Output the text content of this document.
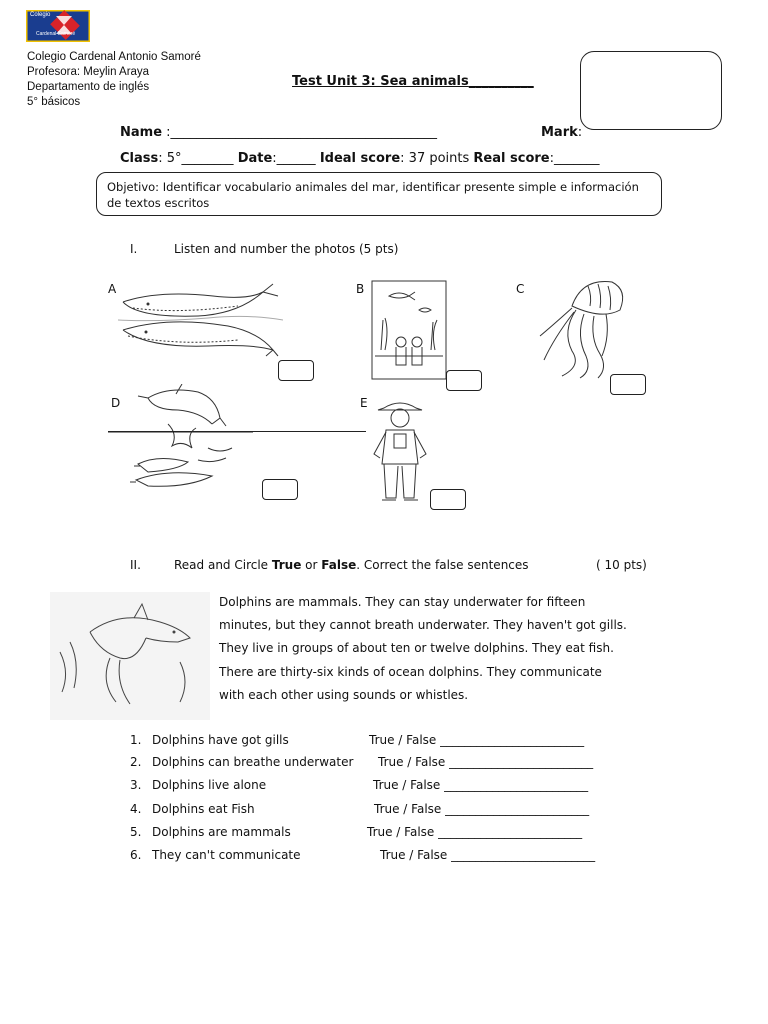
Colegio
Cardenal Samoré
Colegio Cardenal Antonio Samoré
Profesora: Meylin Araya
Departamento de inglés
5° básicos
Test Unit 3: Sea animals__________
Name :_________________________________________	Mark:
Class: 5°________ Date:______ Ideal score: 37 points Real score:_______
Objetivo: Identificar vocabulario animales del mar, identificar presente simple e información de textos escritos
I.	Listen and number the photos (5 pts)
A	B	C
D	E
II.	Read and Circle True or False. Correct the false sentences	( 10 pts)
Dolphins are mammals. They can stay underwater for fifteen
minutes, but they cannot breath underwater. They haven't got gills.
They live in groups of about ten or twelve dolphins. They eat fish.
There are thirty-six kinds of ocean dolphins. They communicate
with each other using sounds or whistles.
1. Dolphins have got gills	True / False ________________________
2. Dolphins can breathe underwater True / False ________________________
3. Dolphins live alone	True / False ________________________
4. Dolphins eat Fish	True / False ________________________
5. Dolphins are mammals	True / False ________________________
6. They can't communicate	True / False ________________________
